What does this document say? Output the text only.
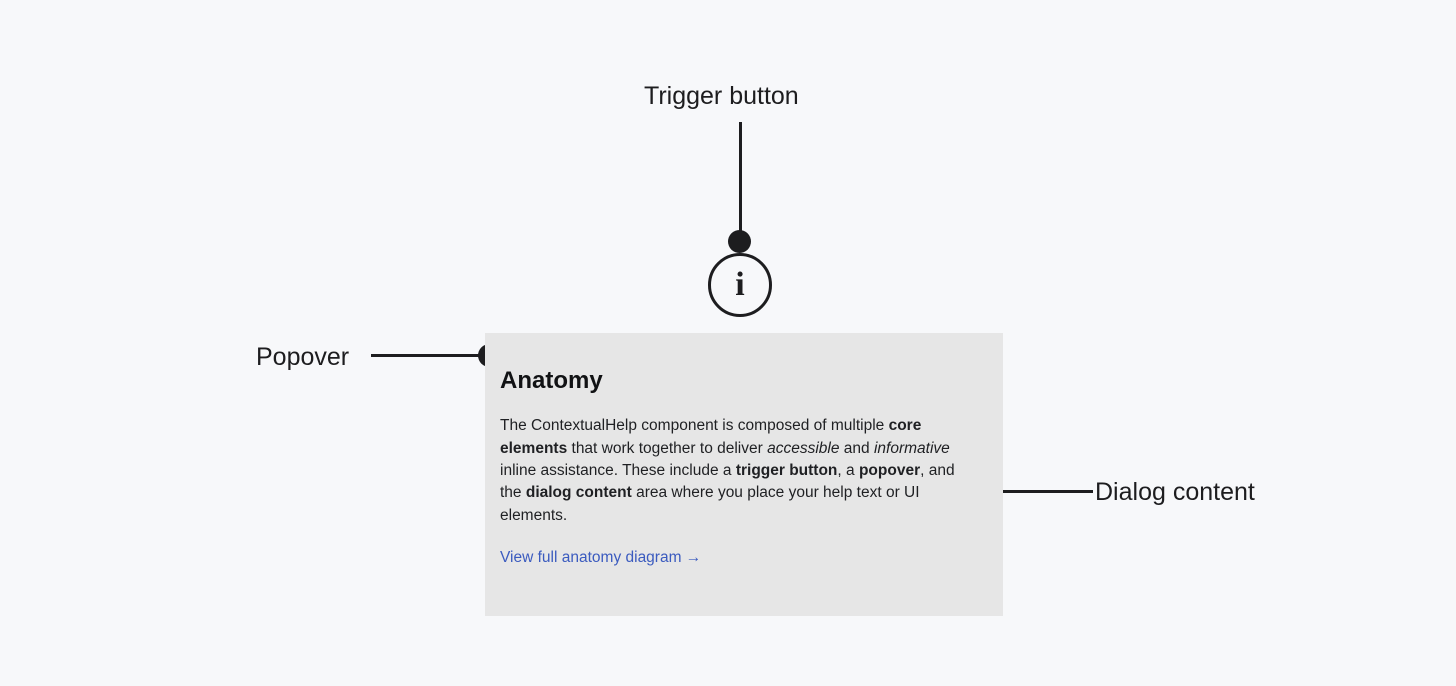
Trigger button
Popover
Dialog content
i
Anatomy

The ContextualHelp component is composed of multiple core elements that work together to deliver accessible and informative inline assistance. These include a trigger button, a popover, and the dialog content area where you place your help text or UI elements.

View full anatomy diagram →
